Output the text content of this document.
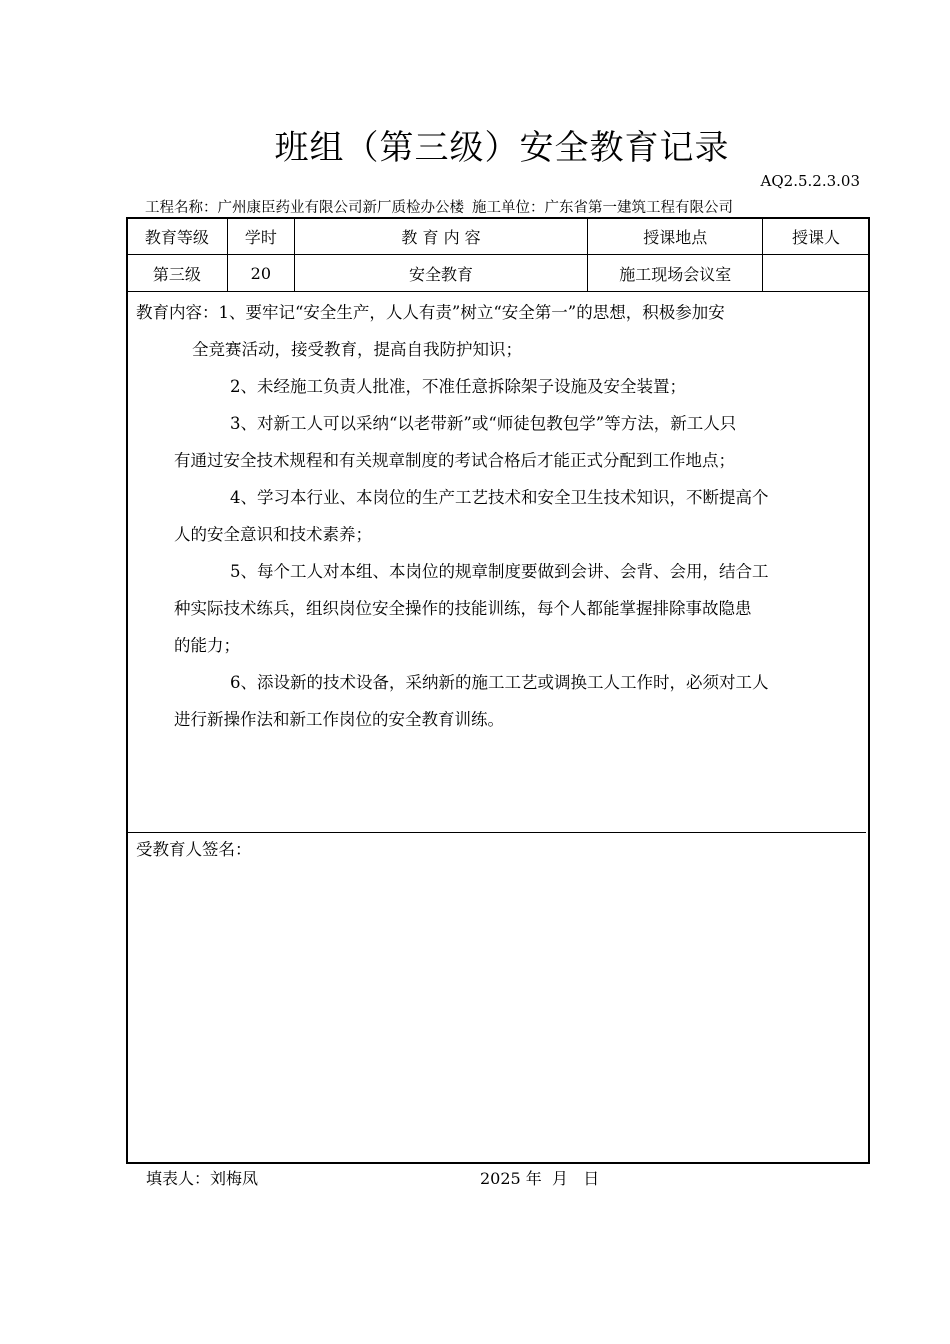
班组（第三级）安全教育记录
AQ2.5.2.3.03
工程名称：广州康臣药业有限公司新厂质检办公楼 施工单位：广东省第一建筑工程有限公司
教育等级	学时	教 育 内 容	授课地点	授课人
第三级	20	安全教育	施工现场会议室	

教育内容：1、要牢记“安全生产，人人有责”树立“安全第一”的思想，积极参加安
全竞赛活动，接受教育，提高自我防护知识；

2、未经施工负责人批准，不准任意拆除架子设施及安全装置；

3、对新工人可以采纳“以老带新”或“师徒包教包学”等方法，新工人只
有通过安全技术规程和有关规章制度的考试合格后才能正式分配到工作地点；

4、学习本行业、本岗位的生产工艺技术和安全卫生技术知识，不断提高个
人的安全意识和技术素养；

5、每个工人对本组、本岗位的规章制度要做到会讲、会背、会用，结合工
种实际技术练兵，组织岗位安全操作的技能训练，每个人都能掌握排除事故隐患
的能力；

6、添设新的技术设备，采纳新的施工工艺或调换工人工作时，必须对工人
进行新操作法和新工作岗位的安全教育训练。

受教育人签名：
填表人：刘梅凤	2025 年  月   日
